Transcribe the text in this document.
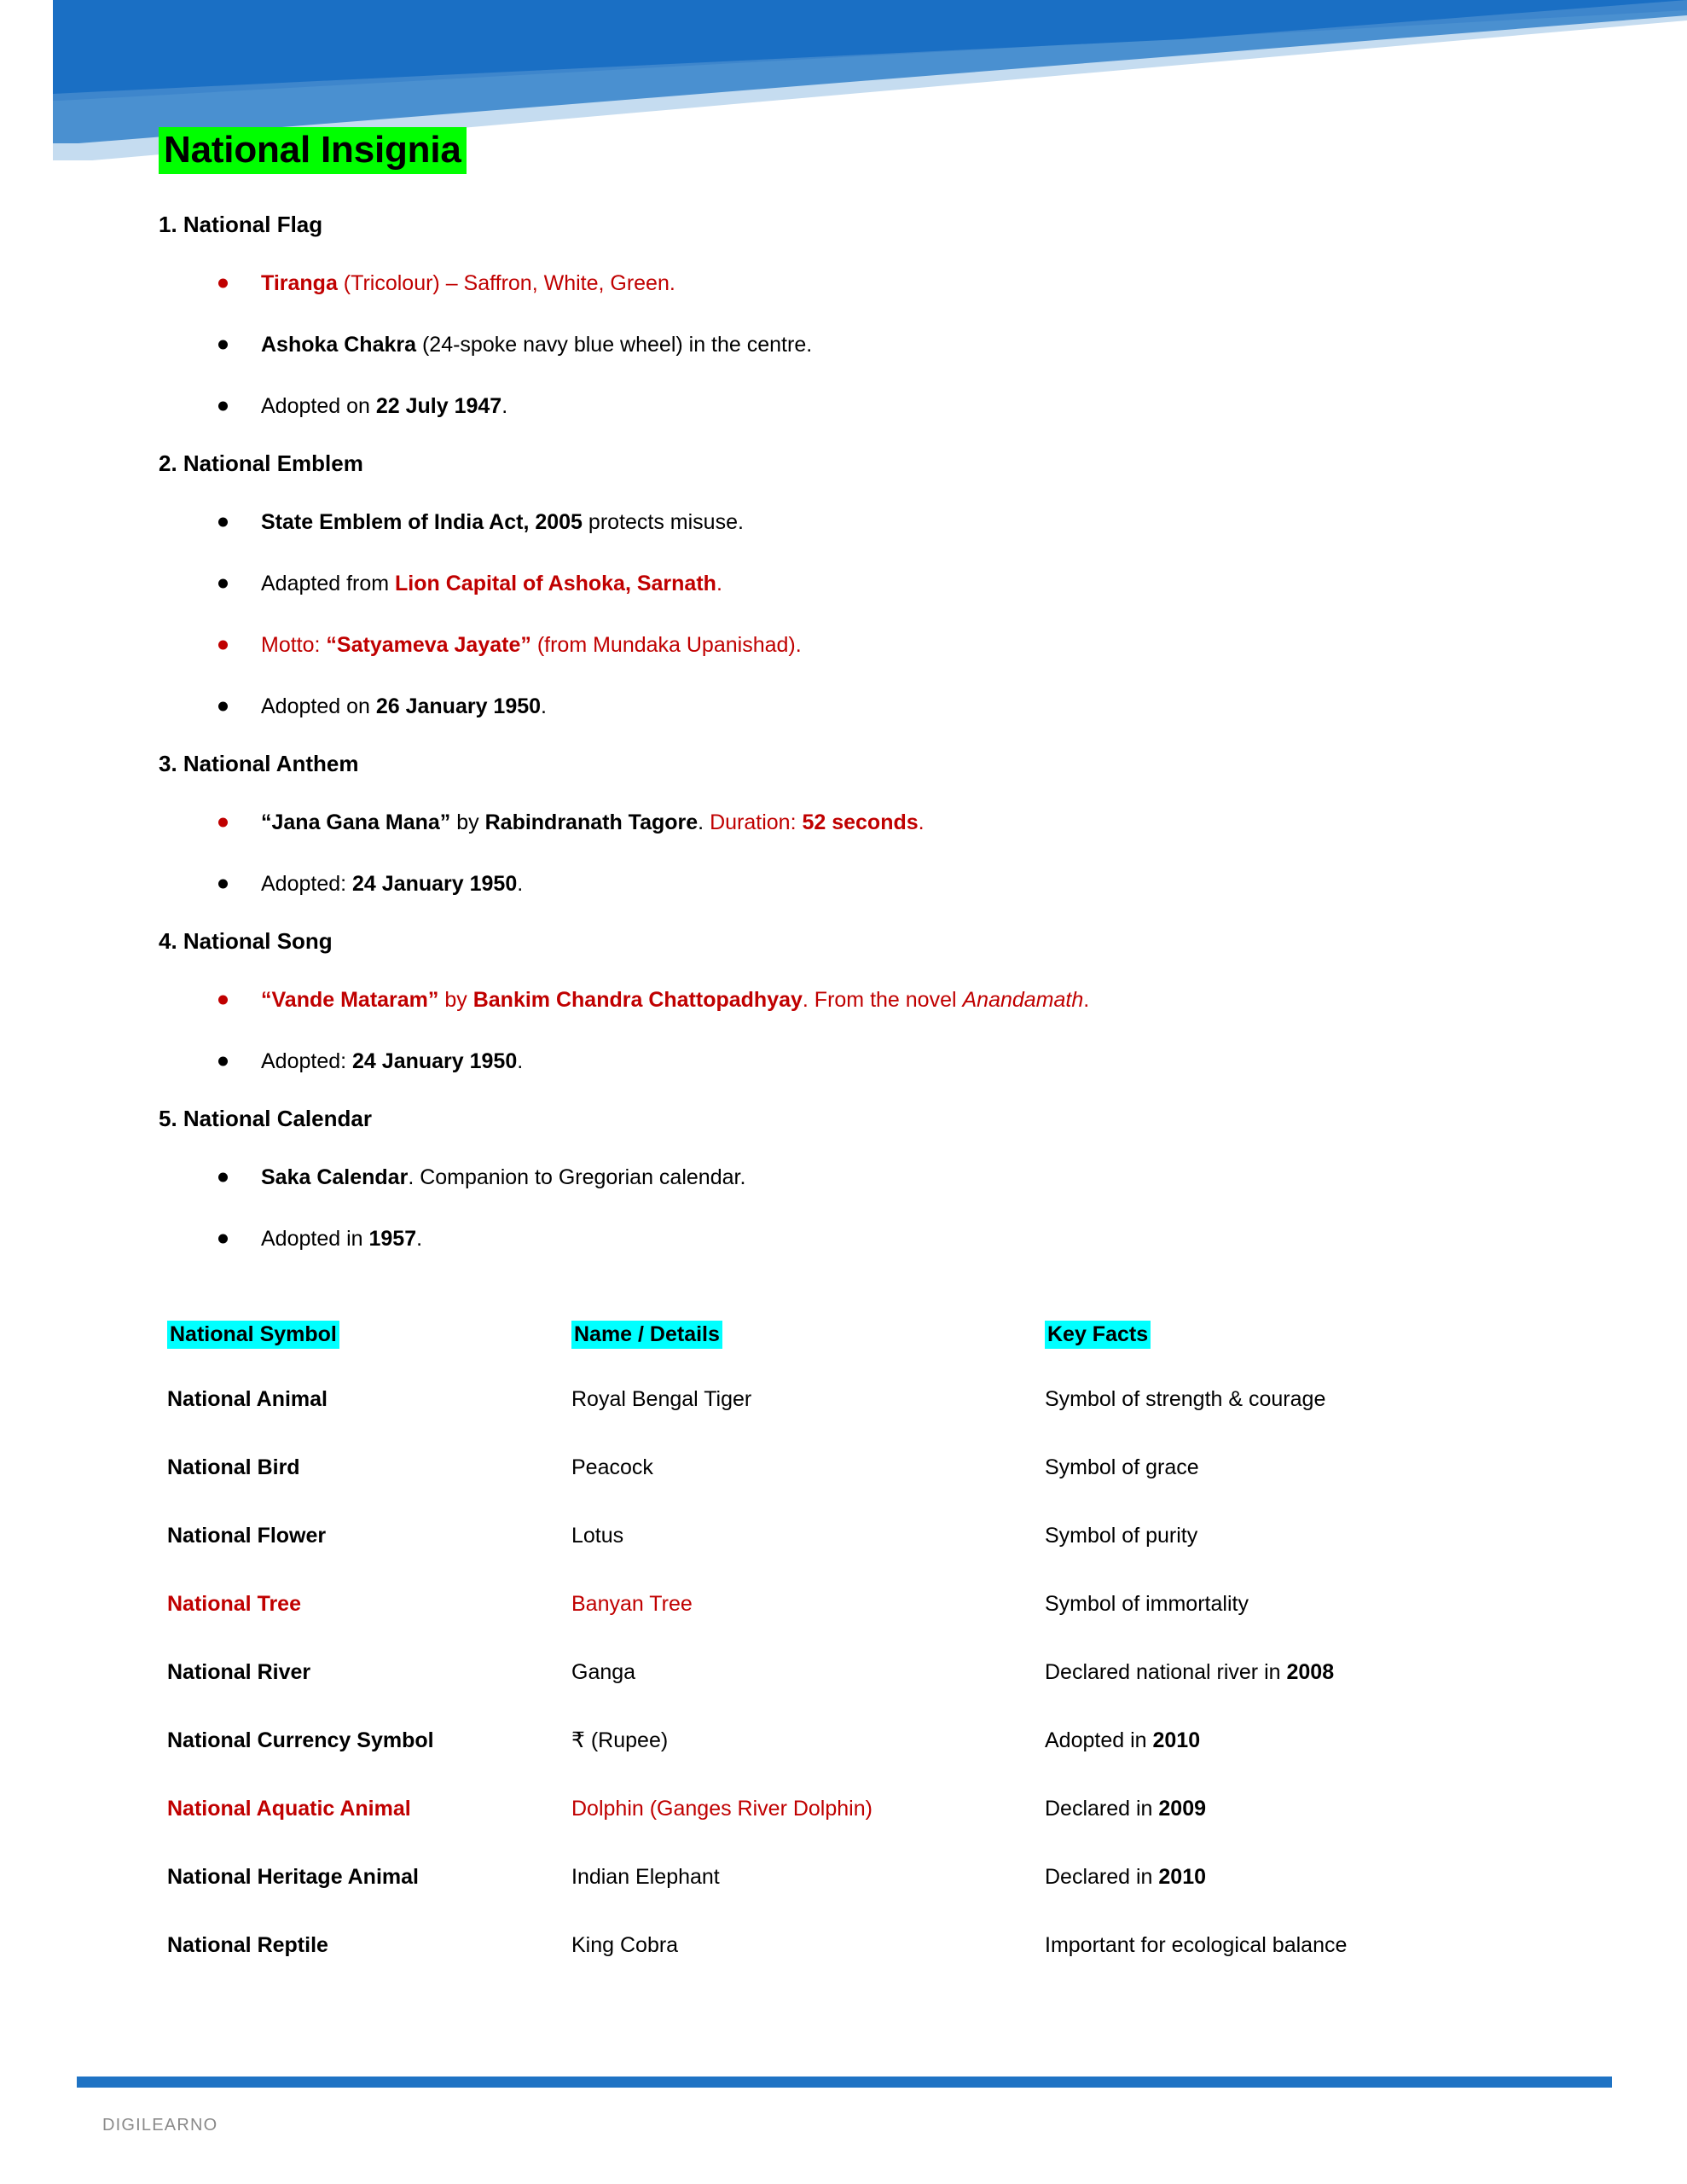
National Insignia
1. National Flag
Tiranga (Tricolour) – Saffron, White, Green.
Ashoka Chakra (24-spoke navy blue wheel) in the centre.
Adopted on 22 July 1947.
2. National Emblem
State Emblem of India Act, 2005 protects misuse.
Adapted from Lion Capital of Ashoka, Sarnath.
Motto: “Satyameva Jayate” (from Mundaka Upanishad).
Adopted on 26 January 1950.
3. National Anthem
“Jana Gana Mana” by Rabindranath Tagore. Duration: 52 seconds.
Adopted: 24 January 1950.
4. National Song
“Vande Mataram” by Bankim Chandra Chattopadhyay. From the novel Anandamath.
Adopted: 24 January 1950.
5. National Calendar
Saka Calendar. Companion to Gregorian calendar.
Adopted in 1957.
National Symbol	Name / Details	Key Facts
National Animal	Royal Bengal Tiger	Symbol of strength & courage
National Bird	Peacock	Symbol of grace
National Flower	Lotus	Symbol of purity
National Tree	Banyan Tree	Symbol of immortality
National River	Ganga	Declared national river in 2008
National Currency Symbol	₹ (Rupee)	Adopted in 2010
National Aquatic Animal	Dolphin (Ganges River Dolphin)	Declared in 2009
National Heritage Animal	Indian Elephant	Declared in 2010
National Reptile	King Cobra	Important for ecological balance
DIGILEARNO
